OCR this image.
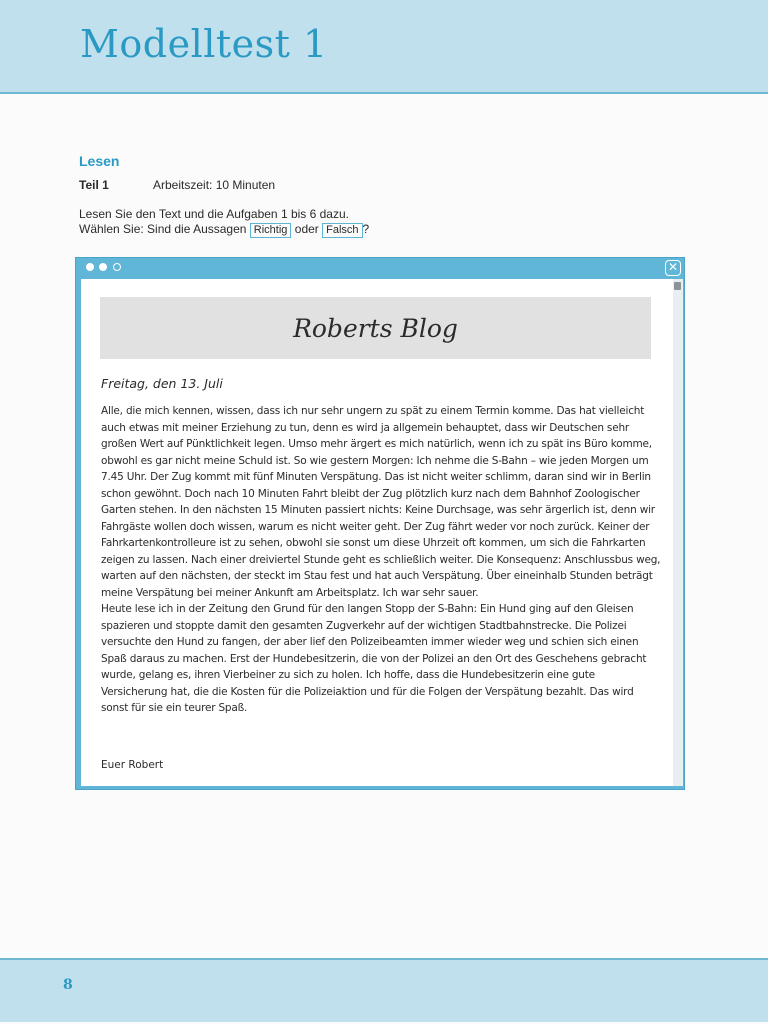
Modelltest 1
Lesen
Teil 1	Arbeitszeit: 10 Minuten
Lesen Sie den Text und die Aufgaben 1 bis 6 dazu.
Wählen Sie: Sind die Aussagen Richtig oder Falsch ?
✕
Roberts Blog
Freitag, den 13. Juli

Alle, die mich kennen, wissen, dass ich nur sehr ungern zu spät zu einem Termin komme. Das hat vielleicht auch etwas mit meiner Erziehung zu tun, denn es wird ja allgemein behauptet, dass wir Deutschen sehr großen Wert auf Pünktlichkeit legen. Umso mehr ärgert es mich natürlich, wenn ich zu spät ins Büro komme, obwohl es gar nicht meine Schuld ist. So wie gestern Morgen: Ich nehme die S-Bahn – wie jeden Morgen um 7.45 Uhr. Der Zug kommt mit fünf Minuten Verspätung. Das ist nicht weiter schlimm, daran sind wir in Berlin schon gewöhnt. Doch nach 10 Minuten Fahrt bleibt der Zug plötzlich kurz nach dem Bahnhof Zoologischer Garten stehen. In den nächsten 15 Minuten passiert nichts: Keine Durchsage, was sehr ärgerlich ist, denn wir Fahrgäste wollen doch wissen, warum es nicht weiter geht. Der Zug fährt weder vor noch zurück. Keiner der Fahrkartenkontrolleure ist zu sehen, obwohl sie sonst um diese Uhrzeit oft kommen, um sich die Fahrkarten zeigen zu lassen. Nach einer dreiviertel Stunde geht es schließlich weiter. Die Konsequenz: Anschlussbus weg, warten auf den nächsten, der steckt im Stau fest und hat auch Verspätung. Über eineinhalb Stunden beträgt meine Verspätung bei meiner Ankunft am Arbeitsplatz. Ich war sehr sauer.

Heute lese ich in der Zeitung den Grund für den langen Stopp der S-Bahn: Ein Hund ging auf den Gleisen spazieren und stoppte damit den gesamten Zugverkehr auf der wichtigen Stadtbahnstrecke. Die Polizei versuchte den Hund zu fangen, der aber lief den Polizeibeamten immer wieder weg und schien sich einen Spaß daraus zu machen. Erst der Hundebesitzerin, die von der Polizei an den Ort des Geschehens gebracht wurde, gelang es, ihren Vierbeiner zu sich zu holen. Ich hoffe, dass die Hundebesitzerin eine gute Versicherung hat, die die Kosten für die Polizeiaktion und für die Folgen der Verspätung bezahlt. Das wird sonst für sie ein teurer Spaß.

Euer Robert
8
